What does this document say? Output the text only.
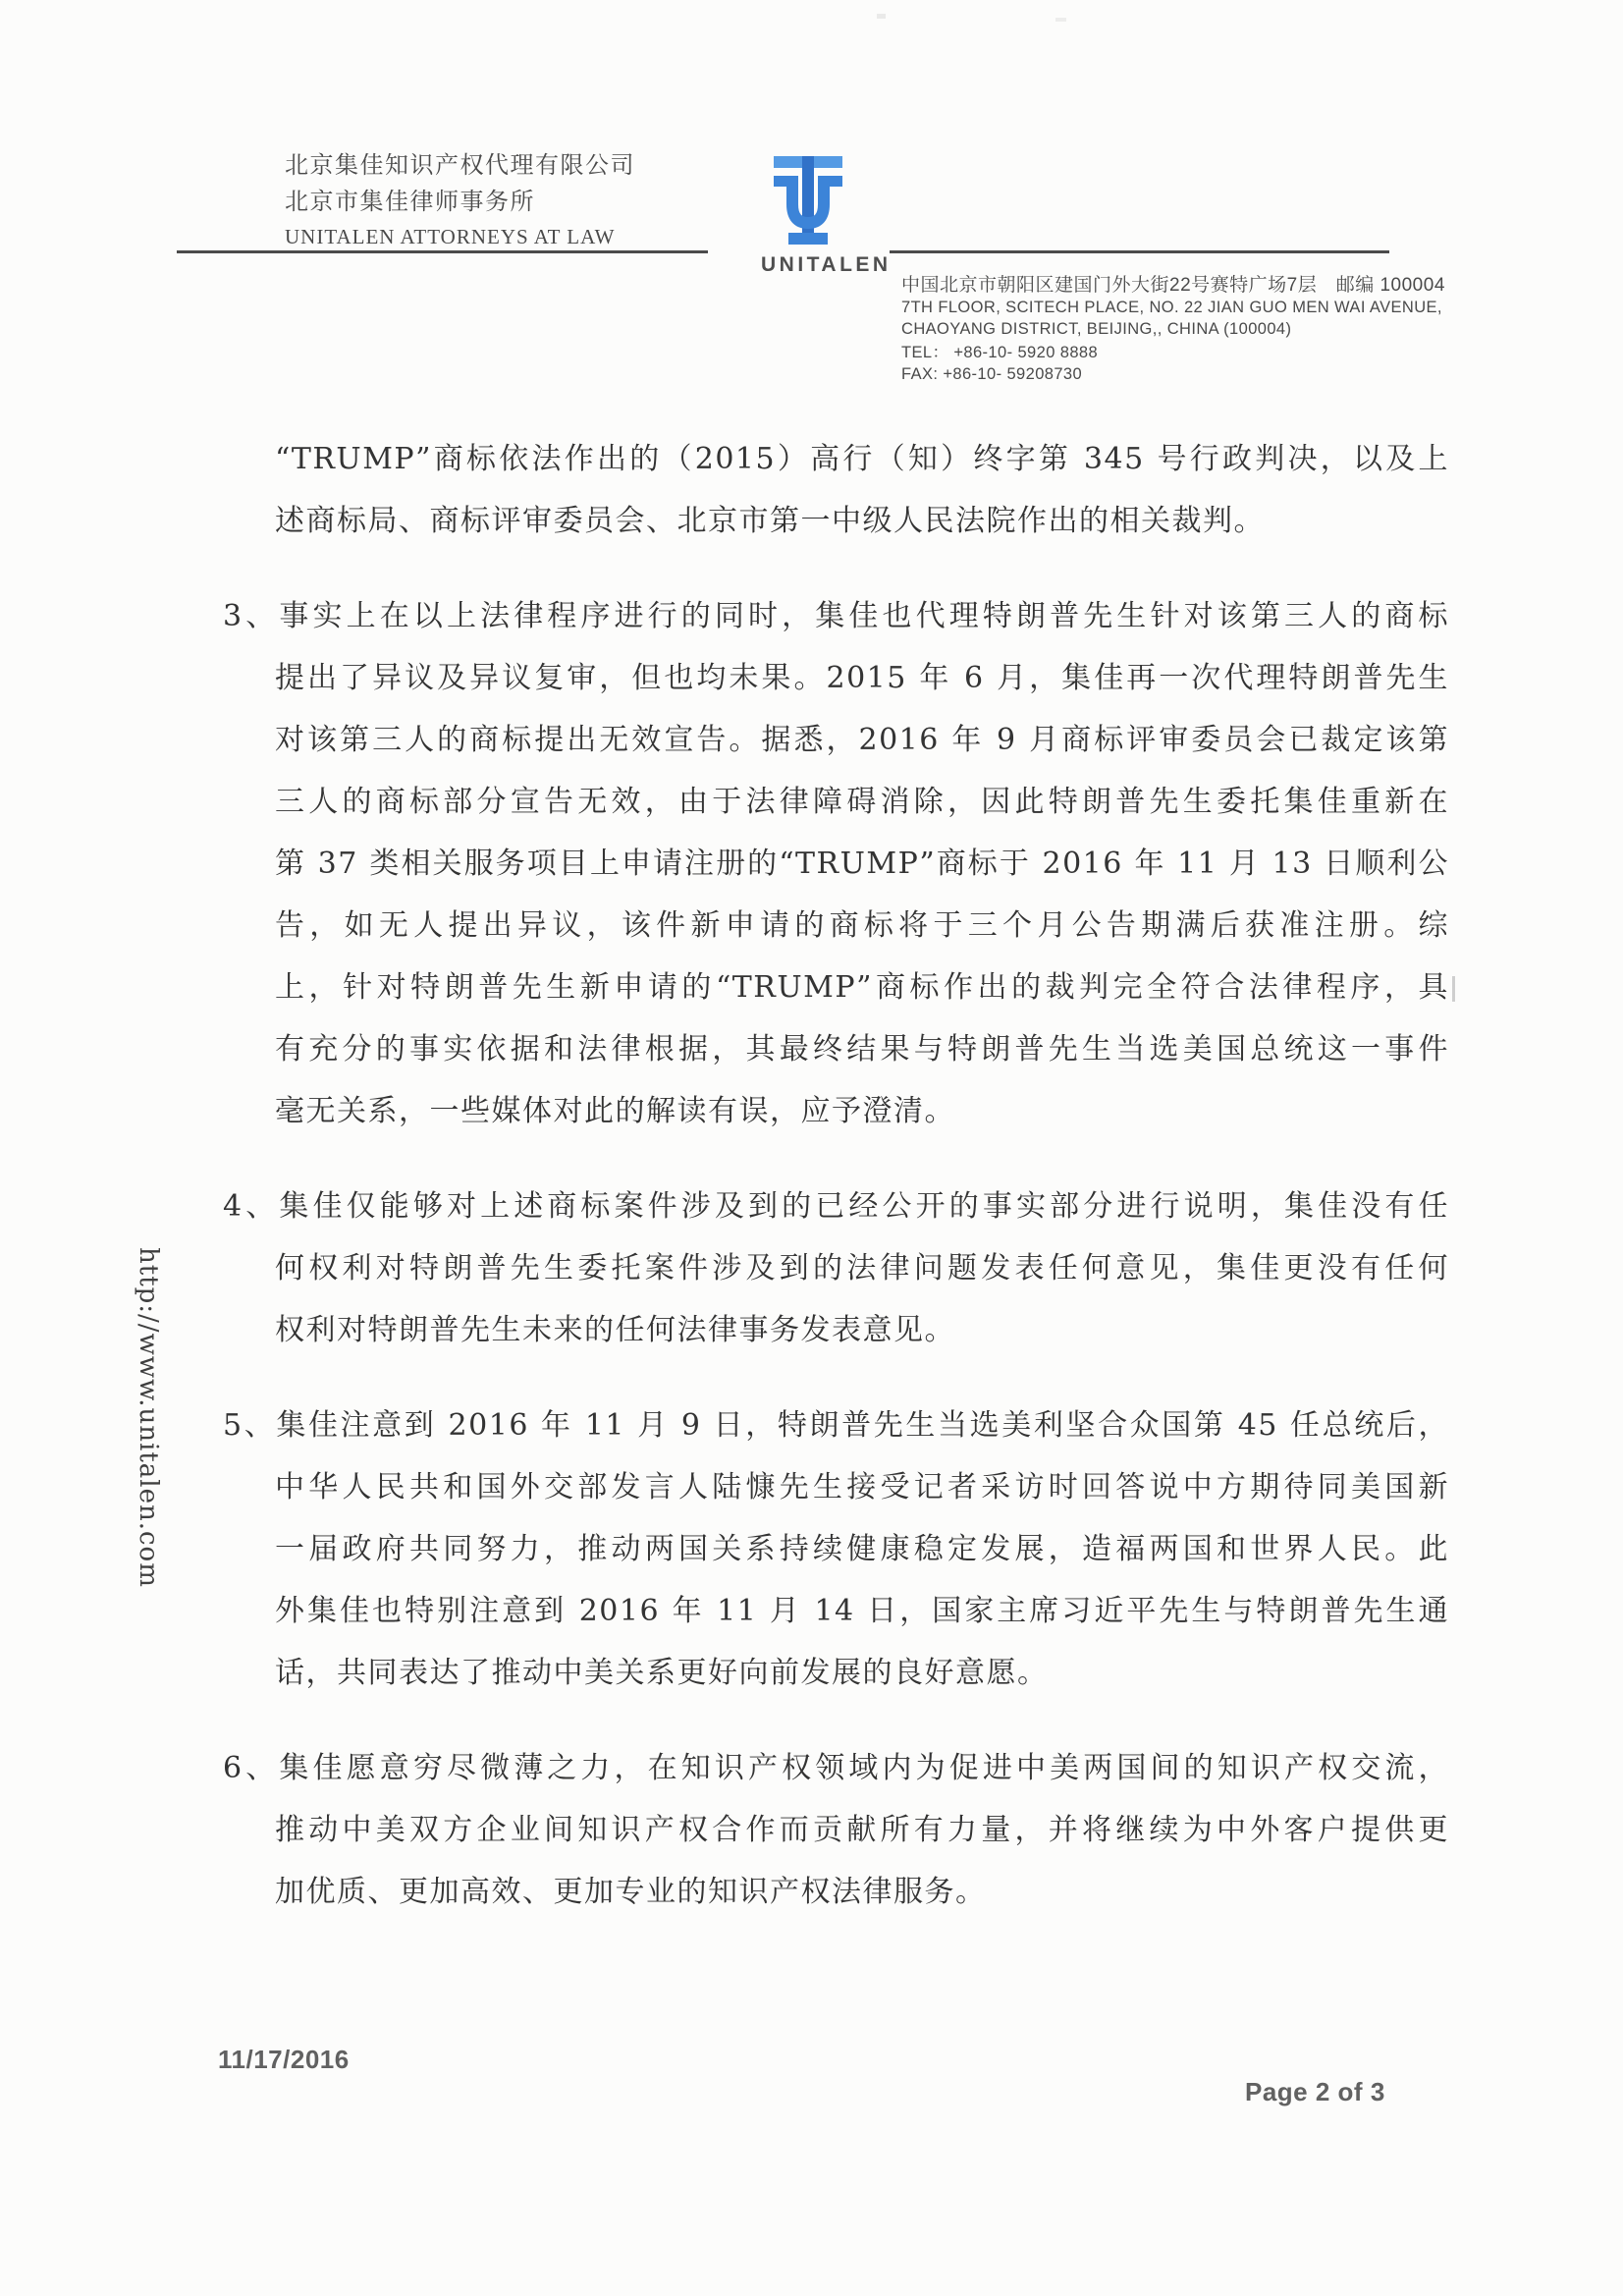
北京集佳知识产权代理有限公司
北京市集佳律师事务所
UNITALEN ATTORNEYS AT LAW
UNITALEN
中国北京市朝阳区建国门外大街22号赛特广场7层　邮编 100004
7TH FLOOR, SCITECH PLACE, NO. 22 JIAN GUO MEN WAI AVENUE,
CHAOYANG DISTRICT, BEIJING,, CHINA (100004)
TEL： +86-10- 5920 8888
FAX: +86-10- 59208730
http://www.unitalen.com
“TRUMP”商标依法作出的（2015）高行（知）终字第 345 号行政判决，以及上
述商标局、商标评审委员会、北京市第一中级人民法院作出的相关裁判。
3、事实上在以上法律程序进行的同时，集佳也代理特朗普先生针对该第三人的商标
提出了异议及异议复审，但也均未果。2015 年 6 月，集佳再一次代理特朗普先生
对该第三人的商标提出无效宣告。据悉，2016 年 9 月商标评审委员会已裁定该第
三人的商标部分宣告无效，由于法律障碍消除，因此特朗普先生委托集佳重新在
第 37 类相关服务项目上申请注册的“TRUMP”商标于 2016 年 11 月 13 日顺利公
告，如无人提出异议，该件新申请的商标将于三个月公告期满后获准注册。综
上，针对特朗普先生新申请的“TRUMP”商标作出的裁判完全符合法律程序，具
有充分的事实依据和法律根据，其最终结果与特朗普先生当选美国总统这一事件
毫无关系，一些媒体对此的解读有误，应予澄清。
4、集佳仅能够对上述商标案件涉及到的已经公开的事实部分进行说明，集佳没有任
何权利对特朗普先生委托案件涉及到的法律问题发表任何意见，集佳更没有任何
权利对特朗普先生未来的任何法律事务发表意见。
5、集佳注意到 2016 年 11 月 9 日，特朗普先生当选美利坚合众国第 45 任总统后，
中华人民共和国外交部发言人陆慷先生接受记者采访时回答说中方期待同美国新
一届政府共同努力，推动两国关系持续健康稳定发展，造福两国和世界人民。此
外集佳也特别注意到 2016 年 11 月 14 日，国家主席习近平先生与特朗普先生通
话，共同表达了推动中美关系更好向前发展的良好意愿。
6、集佳愿意穷尽微薄之力，在知识产权领域内为促进中美两国间的知识产权交流，
推动中美双方企业间知识产权合作而贡献所有力量，并将继续为中外客户提供更
加优质、更加高效、更加专业的知识产权法律服务。
11/17/2016
Page 2 of 3
